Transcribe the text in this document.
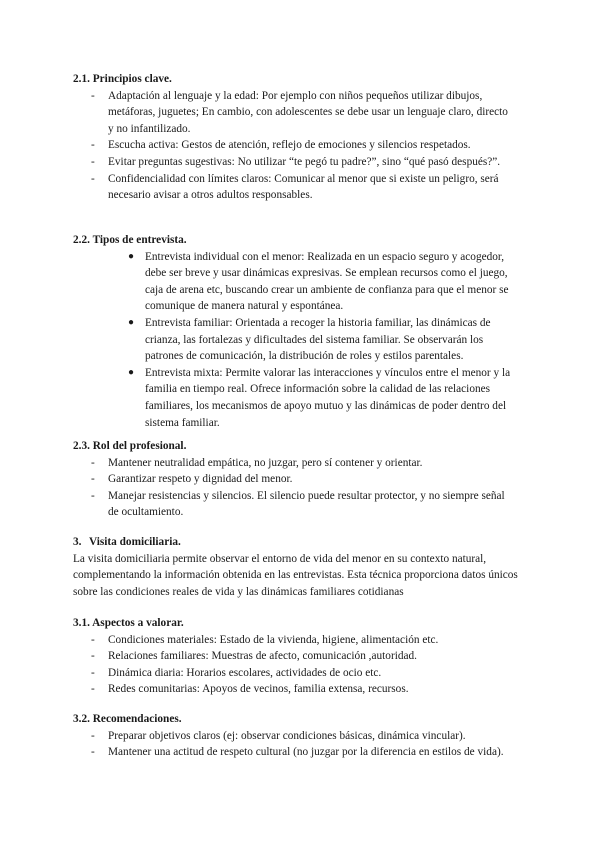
2.1. Principios clave.
- Adaptación al lenguaje y la edad: Por ejemplo con niños pequeños utilizar dibujos, metáforas, juguetes; En cambio, con adolescentes se debe usar un lenguaje claro, directo y no infantilizado.
- Escucha activa: Gestos de atención, reflejo de emociones y silencios respetados.
- Evitar preguntas sugestivas: No utilizar “te pegó tu padre?”, sino “qué pasó después?”.
- Confidencialidad con límites claros: Comunicar al menor que si existe un peligro, será necesario avisar a otros adultos responsables.
2.2. Tipos de entrevista.
● Entrevista individual con el menor: Realizada en un espacio seguro y acogedor, debe ser breve y usar dinámicas expresivas. Se emplean recursos como el juego, caja de arena etc, buscando crear un ambiente de confianza para que el menor se comunique de manera natural y espontánea.
● Entrevista familiar: Orientada a recoger la historia familiar, las dinámicas de crianza, las fortalezas y dificultades del sistema familiar. Se observarán los patrones de comunicación, la distribución de roles y estilos parentales.
● Entrevista mixta: Permite valorar las interacciones y vínculos entre el menor y la familia en tiempo real. Ofrece información sobre la calidad de las relaciones familiares, los mecanismos de apoyo mutuo y las dinámicas de poder dentro del sistema familiar.
2.3. Rol del profesional.
- Mantener neutralidad empática, no juzgar, pero sí contener y orientar.
- Garantizar respeto y dignidad del menor.
- Manejar resistencias y silencios. El silencio puede resultar protector, y no siempre señal de ocultamiento.
3. Visita domiciliaria.

La visita domiciliaria permite observar el entorno de vida del menor en su contexto natural, complementando la información obtenida en las entrevistas. Esta técnica proporciona datos únicos sobre las condiciones reales de vida y las dinámicas familiares cotidianas

3.1. Aspectos a valorar.
- Condiciones materiales: Estado de la vivienda, higiene, alimentación etc.
- Relaciones familiares: Muestras de afecto, comunicación ,autoridad.
- Dinámica diaria: Horarios escolares, actividades de ocio etc.
- Redes comunitarias: Apoyos de vecinos, familia extensa, recursos.
3.2. Recomendaciones.
- Preparar objetivos claros (ej: observar condiciones básicas, dinámica vincular).
- Mantener una actitud de respeto cultural (no juzgar por la diferencia en estilos de vida).
